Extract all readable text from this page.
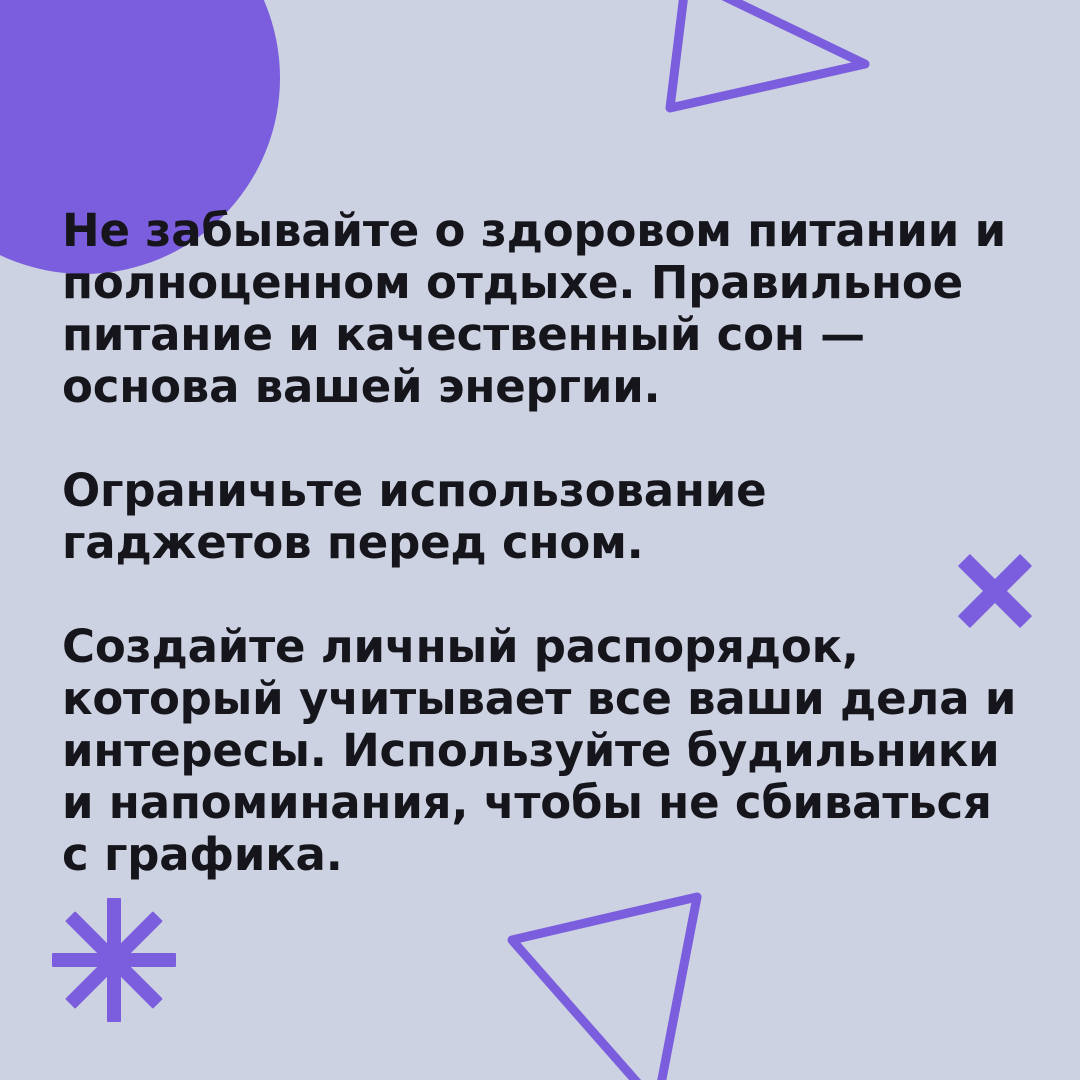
Не забывайте о здоровом питании и полноценном отдыхе. Правильное питание и качественный сон — основа вашей энергии.

Ограничьте использование гаджетов перед сном.

Создайте личный распорядок, который учитывает все ваши дела и интересы. Используйте будильники и напоминания, чтобы не сбиваться с графика.
